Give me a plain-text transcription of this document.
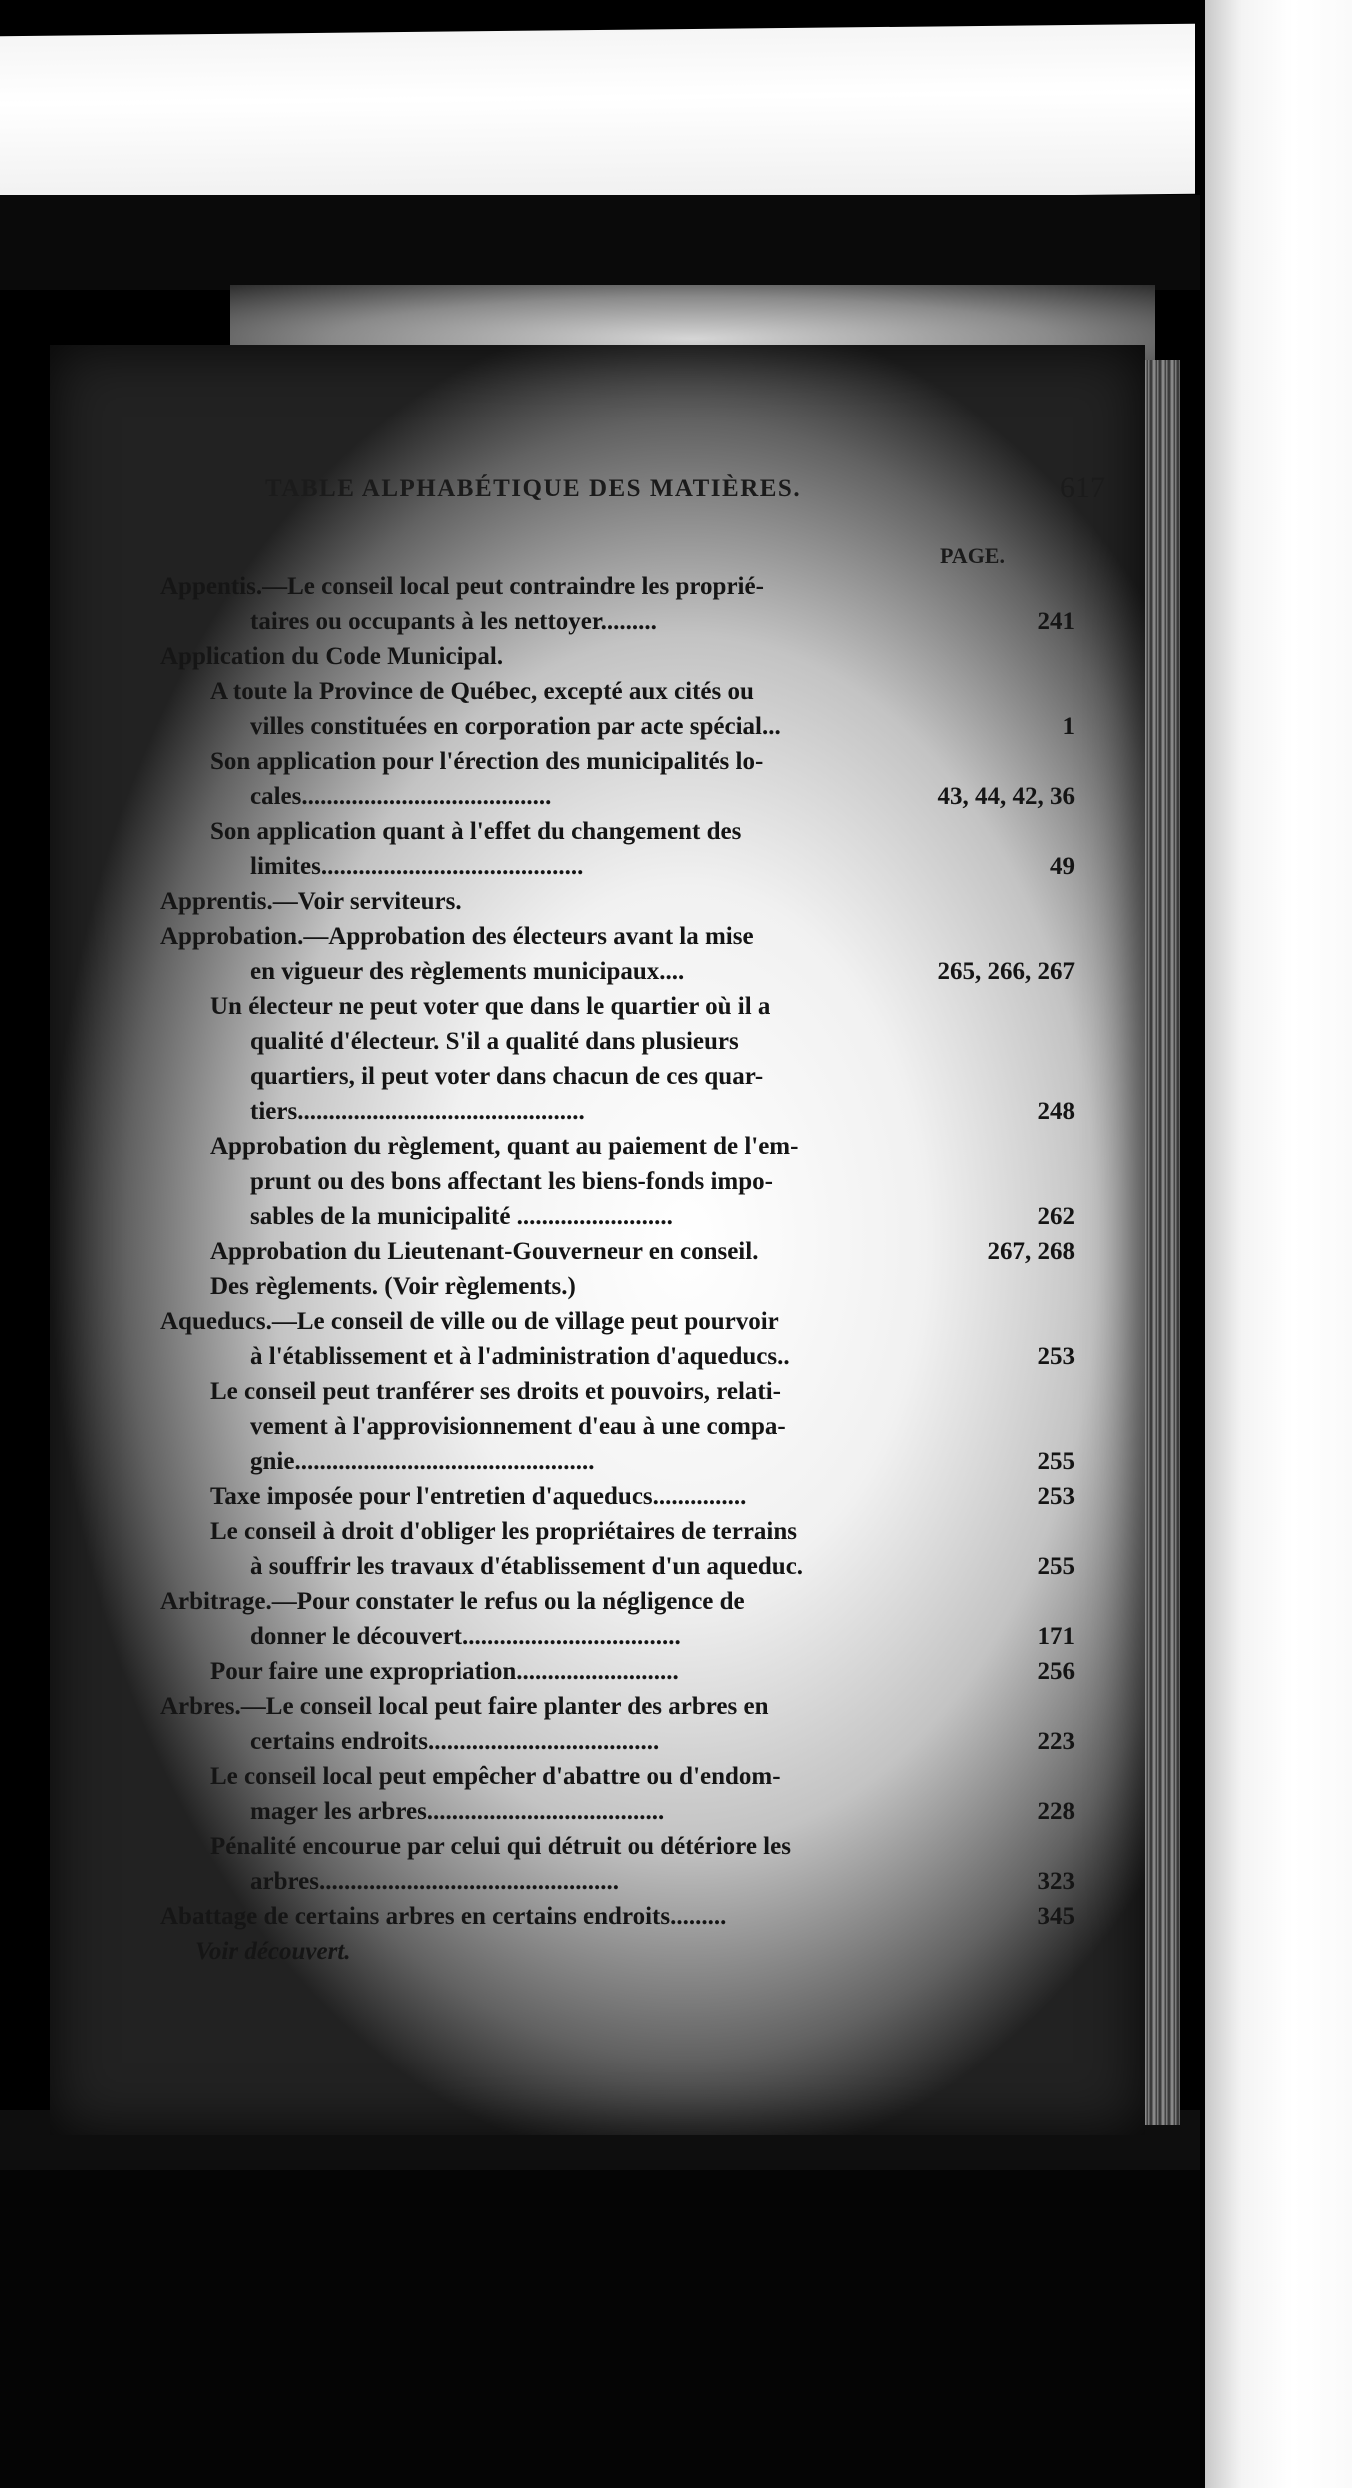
TABLE ALPHABÉTIQUE DES MATIÈRES.	617
PAGE.
Appentis.—Le conseil local peut contraindre les proprié-
taires ou occupants à les nettoyer.........	241
Application du Code Municipal.
A toute la Province de Québec, excepté aux cités ou
villes constituées en corporation par acte spécial...	1
Son application pour l'érection des municipalités lo-
cales........................................	43, 44, 42, 36
Son application quant à l'effet du changement des
limites..........................................	49
Apprentis.—Voir serviteurs.
Approbation.—Approbation des électeurs avant la mise
en vigueur des règlements municipaux....	265, 266, 267
Un électeur ne peut voter que dans le quartier où il a
qualité d'électeur. S'il a qualité dans plusieurs
quartiers, il peut voter dans chacun de ces quar-
tiers..............................................	248
Approbation du règlement, quant au paiement de l'em-
prunt ou des bons affectant les biens-fonds impo-
sables de la municipalité .........................	262
Approbation du Lieutenant-Gouverneur en conseil.	267, 268
Des règlements. (Voir règlements.)
Aqueducs.—Le conseil de ville ou de village peut pourvoir
à l'établissement et à l'administration d'aqueducs..	253
Le conseil peut tranférer ses droits et pouvoirs, relati-
vement à l'approvisionnement d'eau à une compa-
gnie................................................	255
Taxe imposée pour l'entretien d'aqueducs...............	253
Le conseil à droit d'obliger les propriétaires de terrains
à souffrir les travaux d'établissement d'un aqueduc.	255
Arbitrage.—Pour constater le refus ou la négligence de
donner le découvert...................................	171
Pour faire une expropriation..........................	256
Arbres.—Le conseil local peut faire planter des arbres en
certains endroits.....................................	223
Le conseil local peut empêcher d'abattre ou d'endom-
mager les arbres......................................	228
Pénalité encourue par celui qui détruit ou détériore les
arbres................................................	323
Abattage de certains arbres en certains endroits.........	345
Voir découvert.
